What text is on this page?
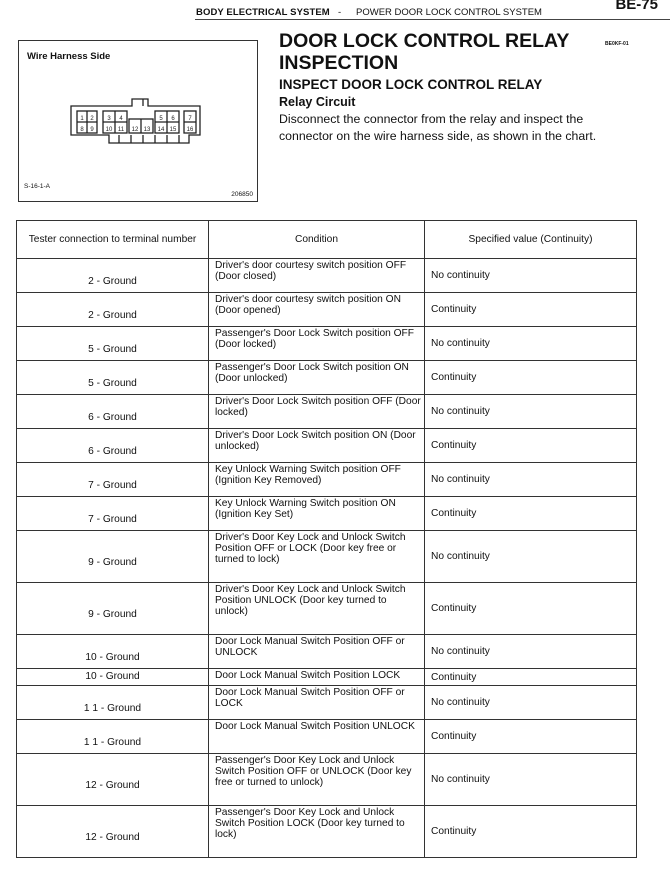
BODY ELECTRICAL SYSTEM - POWER DOOR LOCK CONTROL SYSTEM	BE-75
Wire Harness Side
1 2 3 4	5 6 7
8 9 10 11 12 13 14 15 16
S-16-1-A
206850
DOOR LOCK CONTROL RELAY INSPECTION
BE0KF-01
INSPECT DOOR LOCK CONTROL RELAY
Relay Circuit
Disconnect the connector from the relay and inspect the connector on the wire harness side, as shown in the chart.
Tester connection to terminal number	Condition	Specified value (Continuity)
2 - Ground	Driver's door courtesy switch position OFF (Door closed)	No continuity
2 - Ground	Driver's door courtesy switch position ON (Door opened)	Continuity
5 - Ground	Passenger's Door Lock Switch position OFF (Door locked)	No continuity
5 - Ground	Passenger's Door Lock Switch position ON (Door unlocked)	Continuity
6 - Ground	Driver's Door Lock Switch position OFF (Door locked)	No continuity
6 - Ground	Driver's Door Lock Switch position ON (Door unlocked)	Continuity
7 - Ground	Key Unlock Warning Switch position OFF (Ignition Key Removed)	No continuity
7 - Ground	Key Unlock Warning Switch position ON (Ignition Key Set)	Continuity
9 - Ground	Driver's Door Key Lock and Unlock Switch Position OFF or LOCK (Door key free or turned to lock)	No continuity
9 - Ground	Driver's Door Key Lock and Unlock Switch Position UNLOCK (Door key turned to unlock)	Continuity
10 - Ground	Door Lock Manual Switch Position OFF or UNLOCK	No continuity
10 - Ground	Door Lock Manual Switch Position LOCK	Continuity
1 1 - Ground	Door Lock Manual Switch Position OFF or LOCK	No continuity
1 1 - Ground	Door Lock Manual Switch Position UNLOCK	Continuity
12 - Ground	Passenger's Door Key Lock and Unlock Switch Position OFF or UNLOCK (Door key free or turned to unlock)	No continuity
12 - Ground	Passenger's Door Key Lock and Unlock Switch Position LOCK (Door key turned to lock)	Continuity
